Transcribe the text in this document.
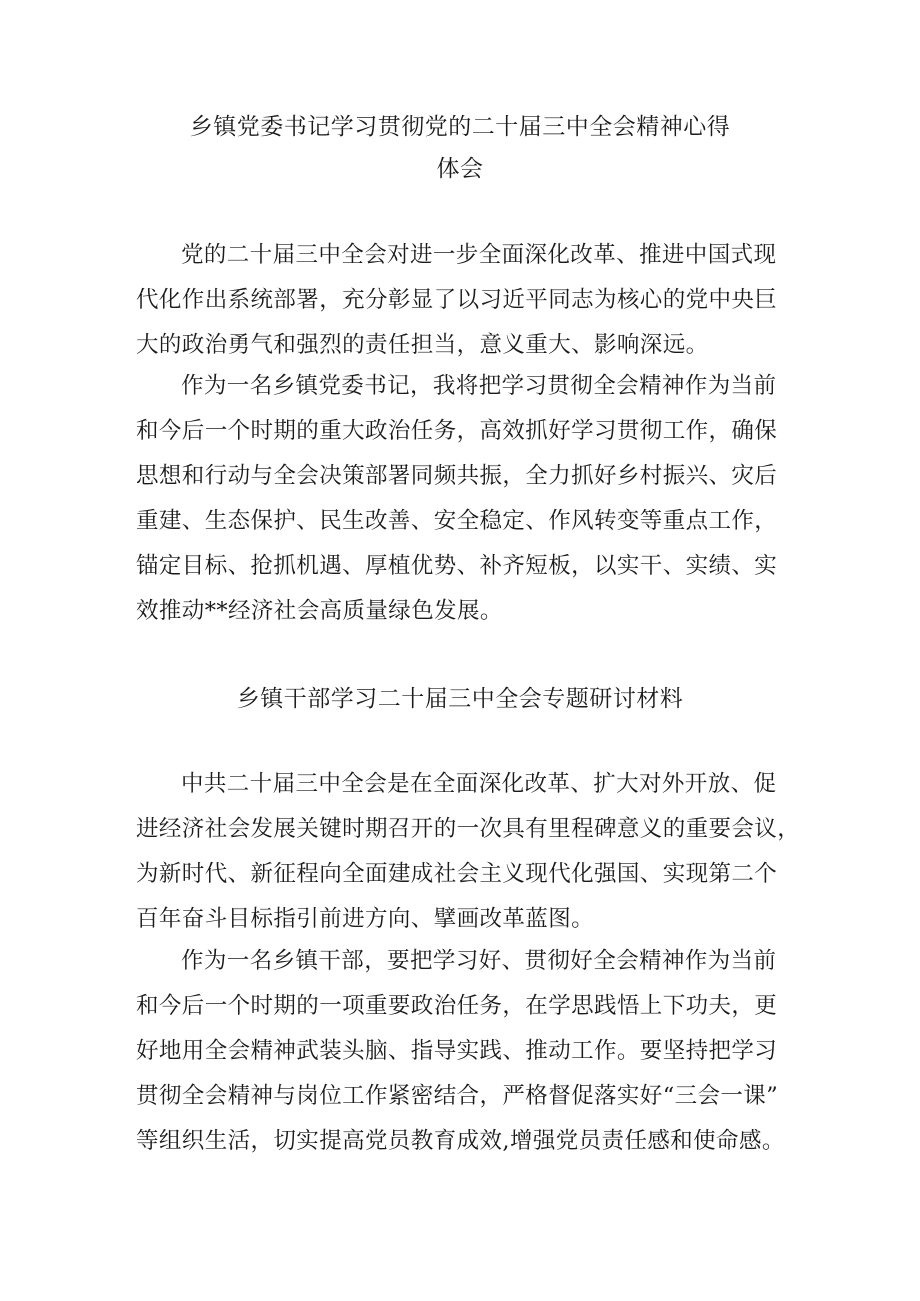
乡镇党委书记学习贯彻党的二十届三中全会精神心得
体会

党的二十届三中全会对进一步全面深化改革、推进中国式现
代化作出系统部署，充分彰显了以习近平同志为核心的党中央巨
大的政治勇气和强烈的责任担当，意义重大、影响深远。

作为一名乡镇党委书记，我将把学习贯彻全会精神作为当前
和今后一个时期的重大政治任务，高效抓好学习贯彻工作，确保
思想和行动与全会决策部署同频共振，全力抓好乡村振兴、灾后
重建、生态保护、民生改善、安全稳定、作风转变等重点工作，
锚定目标、抢抓机遇、厚植优势、补齐短板，以实干、实绩、实
效推动**经济社会高质量绿色发展。

乡镇干部学习二十届三中全会专题研讨材料

中共二十届三中全会是在全面深化改革、扩大对外开放、促
进经济社会发展关键时期召开的一次具有里程碑意义的重要会议，
为新时代、新征程向全面建成社会主义现代化强国、实现第二个
百年奋斗目标指引前进方向、擘画改革蓝图。

作为一名乡镇干部，要把学习好、贯彻好全会精神作为当前
和今后一个时期的一项重要政治任务，在学思践悟上下功夫，更
好地用全会精神武装头脑、指导实践、推动工作。要坚持把学习
贯彻全会精神与岗位工作紧密结合，严格督促落实好“三会一课”
等组织生活，切实提高党员教育成效,增强党员责任感和使命感。
